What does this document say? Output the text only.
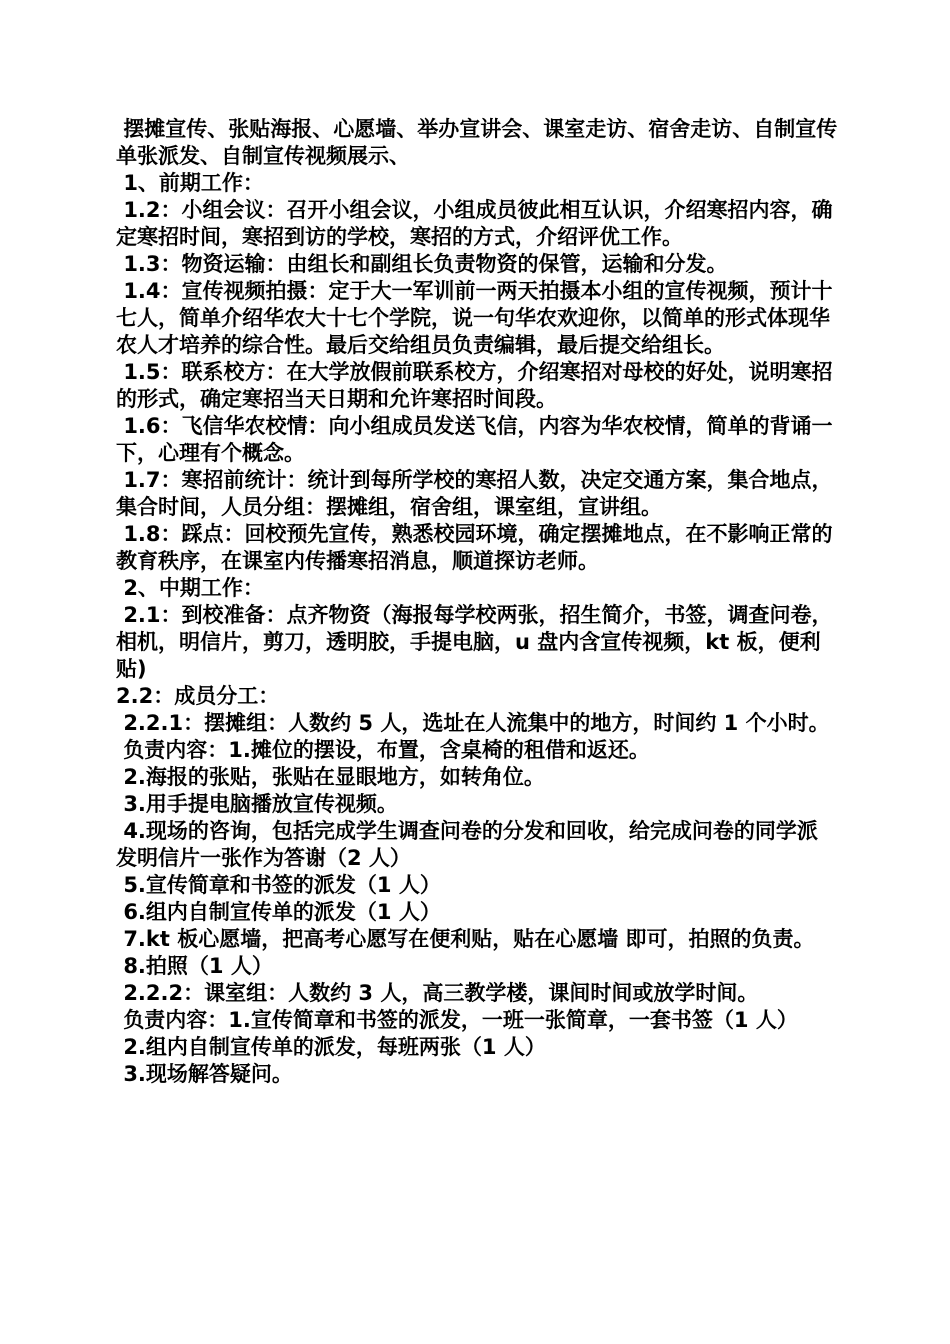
摆摊宣传、张贴海报、心愿墙、举办宣讲会、课室走访、宿舍走访、自制宣传单张派发、自制宣传视频展示、

1、前期工作：

1.2：小组会议：召开小组会议，小组成员彼此相互认识，介绍寒招内容，确定寒招时间，寒招到访的学校，寒招的方式，介绍评优工作。

1.3：物资运输：由组长和副组长负责物资的保管，运输和分发。

1.4：宣传视频拍摄：定于大一军训前一两天拍摄本小组的宣传视频，预计十七人，简单介绍华农大十七个学院，说一句华农欢迎你，以简单的形式体现华农人才培养的综合性。最后交给组员负责编辑，最后提交给组长。

1.5：联系校方：在大学放假前联系校方，介绍寒招对母校的好处，说明寒招的形式，确定寒招当天日期和允许寒招时间段。

1.6：飞信华农校情：向小组成员发送飞信，内容为华农校情，简单的背诵一下，心理有个概念。

1.7：寒招前统计：统计到每所学校的寒招人数，决定交通方案，集合地点，集合时间，人员分组：摆摊组，宿舍组，课室组，宣讲组。

1.8：踩点：回校预先宣传，熟悉校园环境，确定摆摊地点，在不影响正常的教育秩序，在课室内传播寒招消息，顺道探访老师。

2、中期工作：

2.1：到校准备：点齐物资（海报每学校两张，招生简介，书签，调查问卷，相机，明信片，剪刀，透明胶，手提电脑，u 盘内含宣传视频，kt 板，便利贴)

2.2：成员分工：

2.2.1：摆摊组：人数约 5 人，选址在人流集中的地方，时间约 1 个小时。

负责内容：1.摊位的摆设，布置，含桌椅的租借和返还。

2.海报的张贴，张贴在显眼地方，如转角位。

3.用手提电脑播放宣传视频。

4.现场的咨询，包括完成学生调查问卷的分发和回收，给完成问卷的同学派发明信片一张作为答谢（2 人）

5.宣传简章和书签的派发（1 人）

6.组内自制宣传单的派发（1 人）

7.kt 板心愿墙，把高考心愿写在便利贴，贴在心愿墙 即可，拍照的负责。

8.拍照（1 人）

2.2.2：课室组：人数约 3 人，高三教学楼，课间时间或放学时间。

负责内容：1.宣传简章和书签的派发，一班一张简章，一套书签（1 人）

2.组内自制宣传单的派发，每班两张（1 人）

3.现场解答疑问。
